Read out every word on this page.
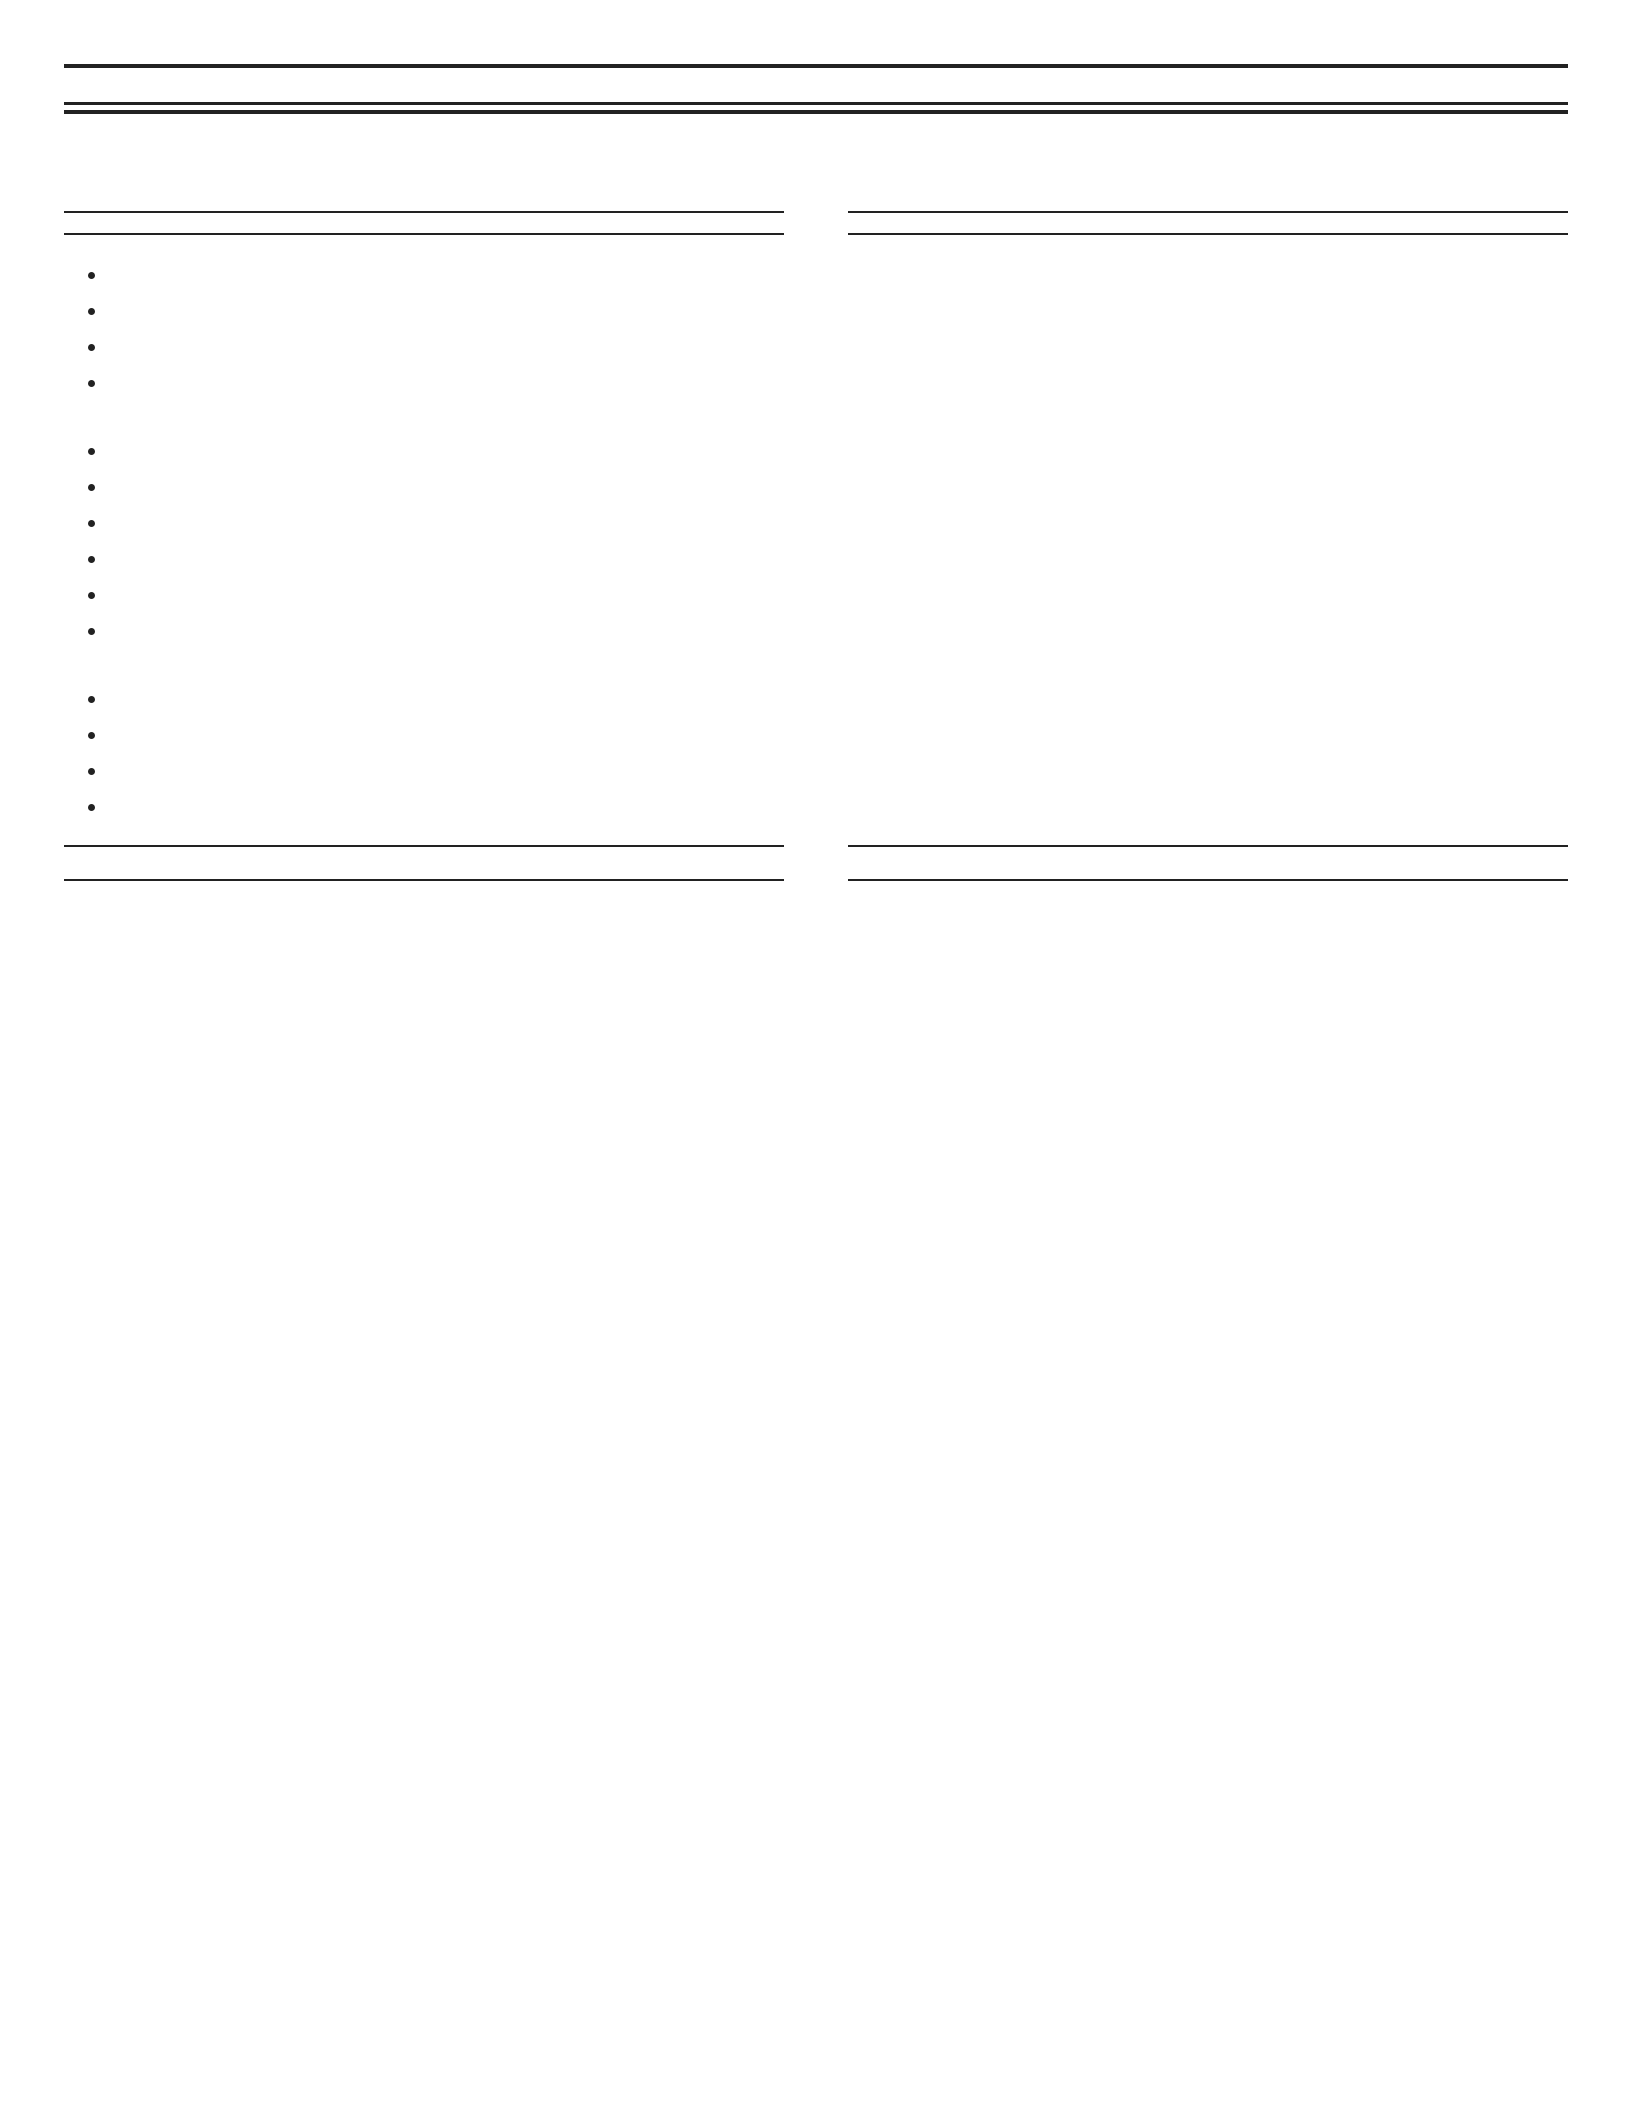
•
•
•
•
•
•
•
•
•
•
•
•
•
•
